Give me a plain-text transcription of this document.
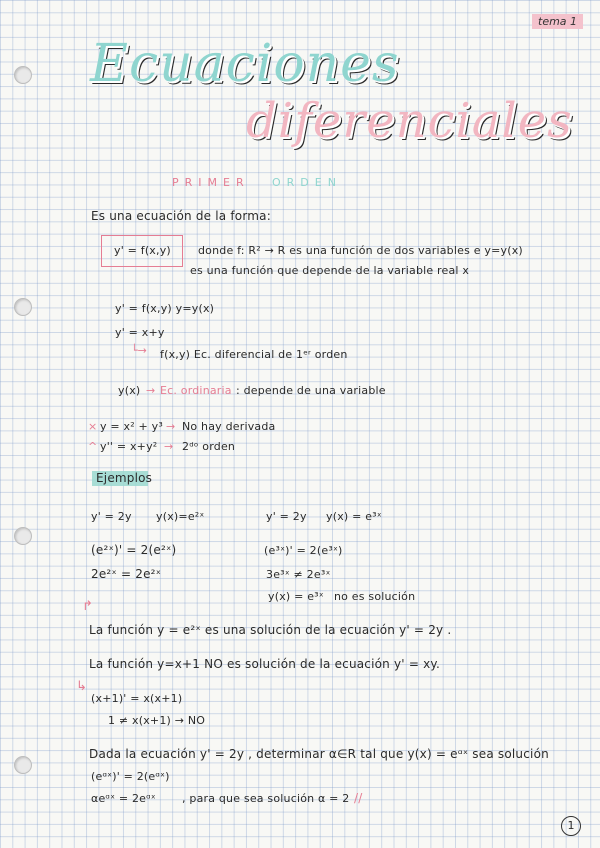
tema 1
Ecuaciones
diferenciales
PRIMER ORDEN
Es una ecuación de la forma:
y' = f(x,y) donde f: R² → R es una función de dos variables e y=y(x)
es una función que depende de la variable real x
y' = f(x,y) y=y(x)
y' = x+y
└→ f(x,y) Ec. diferencial de 1ᵉʳ orden
y(x) → Ec. ordinaria : depende de una variable
× y = x² + y³ → No hay derivada
^ y'' = x+y² → 2ᵈᵒ orden
Ejemplos
y' = 2y y(x)=e²ˣ
(e²ˣ)' = 2(e²ˣ)
2e²ˣ = 2e²ˣ
y' = 2y y(x) = e³ˣ
(e³ˣ)' = 2(e³ˣ)
3e³ˣ ≠ 2e³ˣ
y(x) = e³ˣ no es solución
↱
La función y = e²ˣ es una solución de la ecuación y' = 2y .
La función y=x+1 NO es solución de la ecuación y' = xy.
↳
(x+1)' = x(x+1)
1 ≠ x(x+1) → NO
Dada la ecuación y' = 2y , determinar α∈R tal que y(x) = eᵅˣ sea solución
(eᵅˣ)' = 2(eᵅˣ)
αeᵅˣ = 2eᵅˣ , para que sea solución α = 2 //
1
